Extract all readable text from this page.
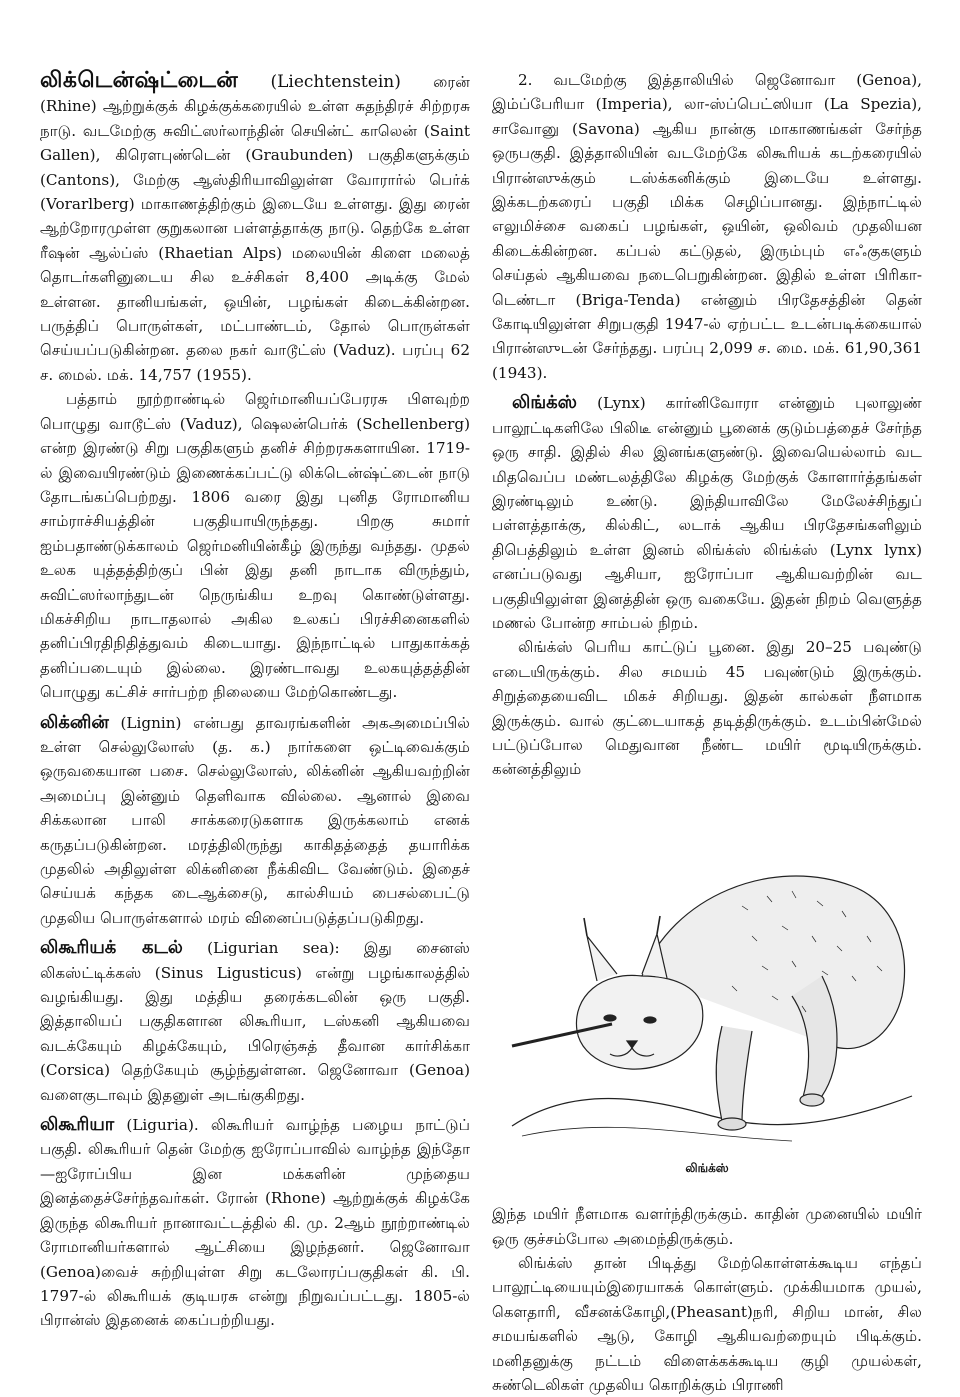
லிக்டென்ஷ்ட்டைன் (Liechtenstein) ரைன் (Rhine) ஆற்றுக்குக் கிழக்குக்கரையில் உள்ள சுதந்திரச் சிற்றரசு நாடு. வடமேற்கு சுவிட்ஸர்லாந்தின் செயின்ட் காலென் (Saint Gallen), கிரௌபுண்டென் (Graubunden) பகுதிகளுக்கும் (Cantons), மேற்கு ஆஸ்திரியாவிலுள்ள வோரார்ல் பெர்க் (Vorarlberg) மாகாணத்திற்கும் இடையே உள்ளது. இது ரைன் ஆற்றோரமுள்ள குறுகலான பள்ளத்தாக்கு நாடு. தெற்கே உள்ள ரீஷன் ஆல்ப்ஸ் (Rhaetian Alps) மலையின் கிளை மலைத் தொடர்களினுடைய சில உச்சிகள் 8,400 அடிக்கு மேல் உள்ளன. தானியங்கள், ஒயின், பழங்கள் கிடைக்கின்றன. பருத்திப் பொருள்கள், மட்பாண்டம், தோல் பொருள்கள் செய்யப்படுகின்றன. தலை நகர் வாடூட்ஸ் (Vaduz). பரப்பு 62 ச. மைல். மக். 14,757 (1955).

பத்தாம் நூற்றாண்டில் ஜெர்மானியப்பேரரசு பிளவுற்ற பொழுது வாடூட்ஸ் (Vaduz), ஷெலன்பெர்க் (Schellenberg) என்ற இரண்டு சிறு பகுதிகளும் தனிச் சிற்றரசுகளாயின. 1719-ல் இவையிரண்டும் இணைக்கப்பட்டு லிக்டென்ஷ்ட்டைன் நாடு தோடங்கப்பெற்றது. 1806 வரை இது புனித ரோமானிய சாம்ராச்சியத்தின் பகுதியாயிருந்தது. பிறகு சுமார் ஐம்பதாண்டுக்காலம் ஜெர்மனியின்கீழ் இருந்து வந்தது. முதல் உலக யுத்தத்திற்குப் பின் இது தனி நாடாக விருந்தும், சுவிட்ஸர்லாந்துடன் நெருங்கிய உறவு கொண்டுள்ளது. மிகச்சிறிய நாடாதலால் அகில உலகப் பிரச்சினைகளில் தனிப்பிரதிநிதித்துவம் கிடையாது. இந்நாட்டில் பாதுகாக்கத் தனிப்படையும் இல்லை. இரண்டாவது உலகயுத்தத்தின் பொழுது கட்சிச் சார்பற்ற நிலையை மேற்கொண்டது.

லிக்னின் (Lignin) என்பது தாவரங்களின் அகஅமைப்பில் உள்ள செல்லுலோஸ் (த. க.) நார்களை ஒட்டிவைக்கும் ஒருவகையான பசை. செல்லுலோஸ், லிக்னின் ஆகியவற்றின் அமைப்பு இன்னும் தெளிவாக வில்லை. ஆனால் இவை சிக்கலான பாலி சாக்கரைடுகளாக இருக்கலாம் எனக் கருதப்படுகின்றன. மரத்திலிருந்து காகிதத்தைத் தயாரிக்க முதலில் அதிலுள்ள லிக்னினை நீக்கிவிட வேண்டும். இதைச் செய்யக் கந்தக டைஆக்சைடு, கால்சியம் பைசல்பைட்டு முதலிய பொருள்களால் மரம் வினைப்படுத்தப்படுகிறது.

லிகூரியக் கடல் (Ligurian sea): இது சைனஸ் லிகஸ்ட்டிக்கஸ் (Sinus Ligusticus) என்று பழங்காலத்தில் வழங்கியது. இது மத்திய தரைக்கடலின் ஒரு பகுதி. இத்தாலியப் பகுதிகளான லிகூரியா, டஸ்கனி ஆகியவை வடக்கேயும் கிழக்கேயும், பிரெஞ்சுத் தீவான கார்சிக்கா (Corsica) தெற்கேயும் சூழ்ந்துள்ளன. ஜெனோவா (Genoa) வளைகுடாவும் இதனுள் அடங்குகிறது.

லிகூரியா (Liguria). லிகூரியர் வாழ்ந்த பழைய நாட்டுப் பகுதி. லிகூரியர் தென் மேற்கு ஐரோப்பாவில் வாழ்ந்த இந்தோ—ஐரோப்பிய இன மக்களின் முந்தைய இனத்தைச்சேர்ந்தவர்கள். ரோன் (Rhone) ஆற்றுக்குக் கிழக்கே இருந்த லிகூரியர் நானாவட்டத்தில் கி. மு. 2ஆம் நூற்றாண்டில் ரோமானியர்களால் ஆட்சியை இழந்தனர். ஜெனோவா (Genoa)வைச் சுற்றியுள்ள சிறு கடலோரப்பகுதிகள் கி. பி. 1797-ல் லிகூரியக் குடியரசு என்று நிறுவப்பட்டது. 1805-ல் பிரான்ஸ் இதனைக் கைப்பற்றியது.

2. வடமேற்கு இத்தாலியில் ஜெனோவா (Genoa), இம்ப்பேரியா (Imperia), லா-ஸ்ப்பெட்ஸியா (La Spezia), சாவோனு (Savona) ஆகிய நான்கு மாகாணங்கள் சேர்ந்த ஒருபகுதி. இத்தாலியின் வடமேற்கே லிகூரியக் கடற்கரையில் பிரான்ஸுக்கும் டஸ்க்கனிக்கும் இடையே உள்ளது. இக்கடற்கரைப் பகுதி மிக்க செழிப்பானது. இந்நாட்டில் எலுமிச்சை வகைப் பழங்கள், ஒயின், ஒலிவம் முதலியன கிடைக்கின்றன. கப்பல் கட்டுதல், இரும்பும் எஃகுகளும் செய்தல் ஆகியவை நடைபெறுகின்றன. இதில் உள்ள பிரிகா-டெண்டா (Briga-Tenda) என்னும் பிரதேசத்தின் தென் கோடியிலுள்ள சிறுபகுதி 1947-ல் ஏற்பட்ட உடன்படிக்கையால் பிரான்ஸுடன் சேர்ந்தது. பரப்பு 2,099 ச. மை. மக். 61,90,361 (1943).

லிங்க்ஸ் (Lynx) கார்னிவோரா என்னும் புலாலுண் பாலூட்டிகளிலே பிலிடீ என்னும் பூனைக் குடும்பத்தைச் சேர்ந்த ஒரு சாதி. இதில் சில இனங்களுண்டு. இவையெல்லாம் வட மிதவெப்ப மண்டலத்திலே கிழக்கு மேற்குக் கோளார்த்தங்கள் இரண்டிலும் உண்டு. இந்தியாவிலே மேலேச்சிந்துப் பள்ளத்தாக்கு, கில்கிட், லடாக் ஆகிய பிரதேசங்களிலும் திபெத்திலும் உள்ள இனம் லிங்க்ஸ் லிங்க்ஸ் (Lynx lynx) எனப்படுவது ஆசியா, ஐரோப்பா ஆகியவற்றின் வட பகுதியிலுள்ள இனத்தின் ஒரு வகையே. இதன் நிறம் வெளுத்த மணல் போன்ற சாம்பல் நிறம்.

லிங்க்ஸ் பெரிய காட்டுப் பூனை. இது 20–25 பவுண்டு எடையிருக்கும். சில சமயம் 45 பவுண்டும் இருக்கும். சிறுத்தையைவிட மிகச் சிறியது. இதன் கால்கள் நீளமாக இருக்கும். வால் குட்டையாகத் தடித்திருக்கும். உடம்பின்மேல் பட்டுப்போல மெதுவான நீண்ட மயிர் மூடியிருக்கும். கன்னத்திலும்

லிங்க்ஸ்

இந்த மயிர் நீளமாக வளர்ந்திருக்கும். காதின் முனையில் மயிர் ஒரு குச்சம்போல அமைந்திருக்கும்.

லிங்க்ஸ் தான் பிடித்து மேற்கொள்ளக்கூடிய எந்தப் பாலூட்டியையும்இரையாகக் கொள்ளும். முக்கியமாக முயல், கௌதாரி, வீசனக்கோழி,(Pheasant)நரி, சிறிய மான், சில சமயங்களில் ஆடு, கோழி ஆகியவற்றையும் பிடிக்கும். மனிதனுக்கு நட்டம் விளைக்கக்கூடிய குழி முயல்கள், சுண்டெலிகள் முதலிய கொறிக்கும் பிராணி
